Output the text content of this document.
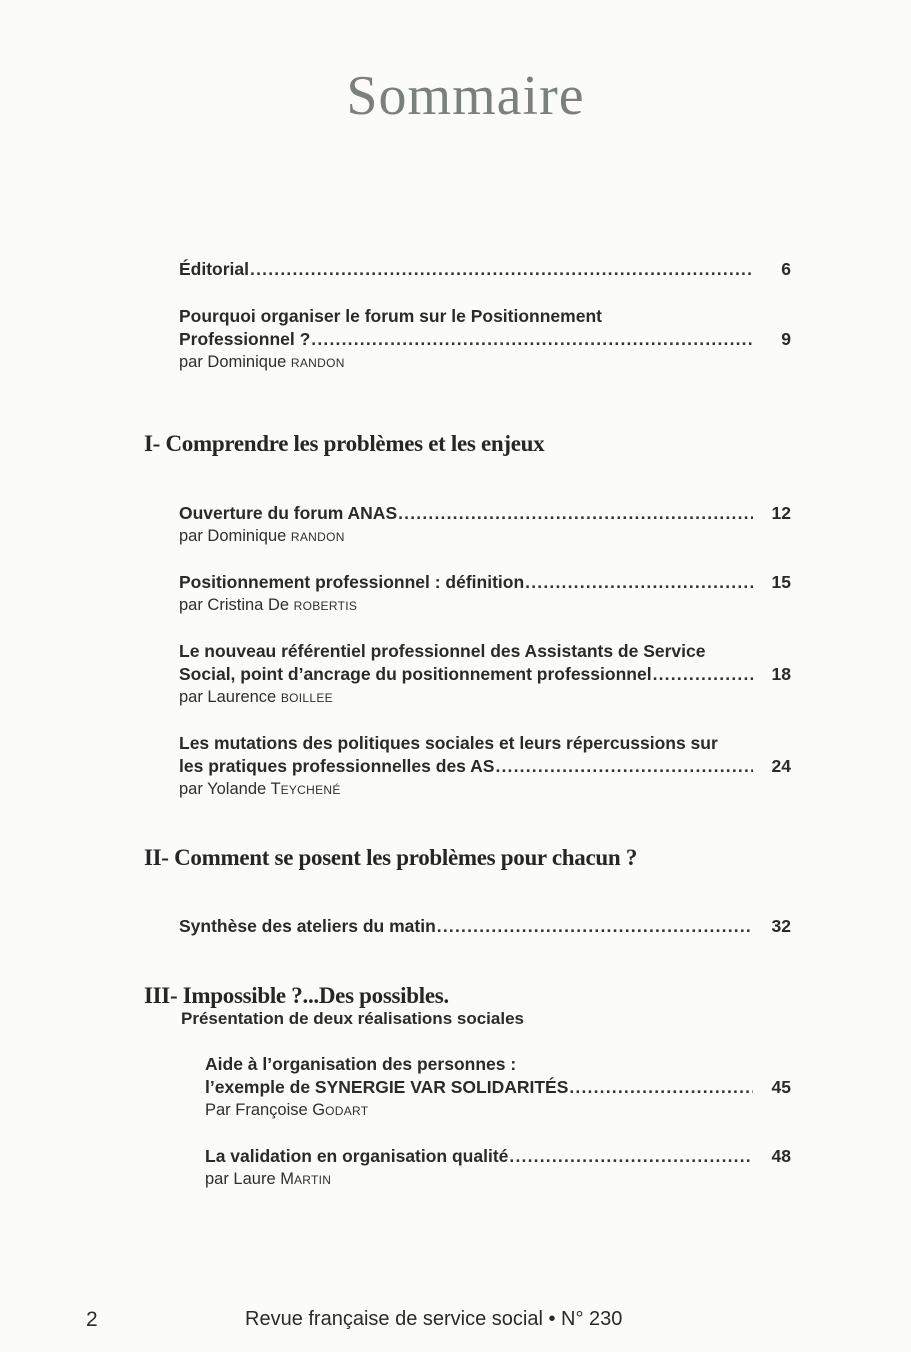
Sommaire
Éditorial .....	6
Pourquoi organiser le forum sur le Positionnement
Professionnel ? .....	9
par Dominique RANDON
I- Comprendre les problèmes et les enjeux
Ouverture du forum ANAS .....	12
par Dominique RANDON
Positionnement professionnel : définition .....	15
par Cristina De ROBERTIS
Le nouveau référentiel professionnel des Assistants de Service
Social, point d’ancrage du positionnement professionnel .....	18
par Laurence BOILLEE
Les mutations des politiques sociales et leurs répercussions sur
les pratiques professionnelles des AS .....	24
par Yolande TEYCHENÉ
II- Comment se posent les problèmes pour chacun ?
Synthèse des ateliers du matin .....	32
III- Impossible ?...Des possibles.
Présentation de deux réalisations sociales
Aide à l’organisation des personnes :
l’exemple de SYNERGIE VAR SOLIDARITÉS .....	45
Par Françoise GODART
La validation en organisation qualité .....	48
par Laure MARTIN
2	Revue française de service social • N° 230
